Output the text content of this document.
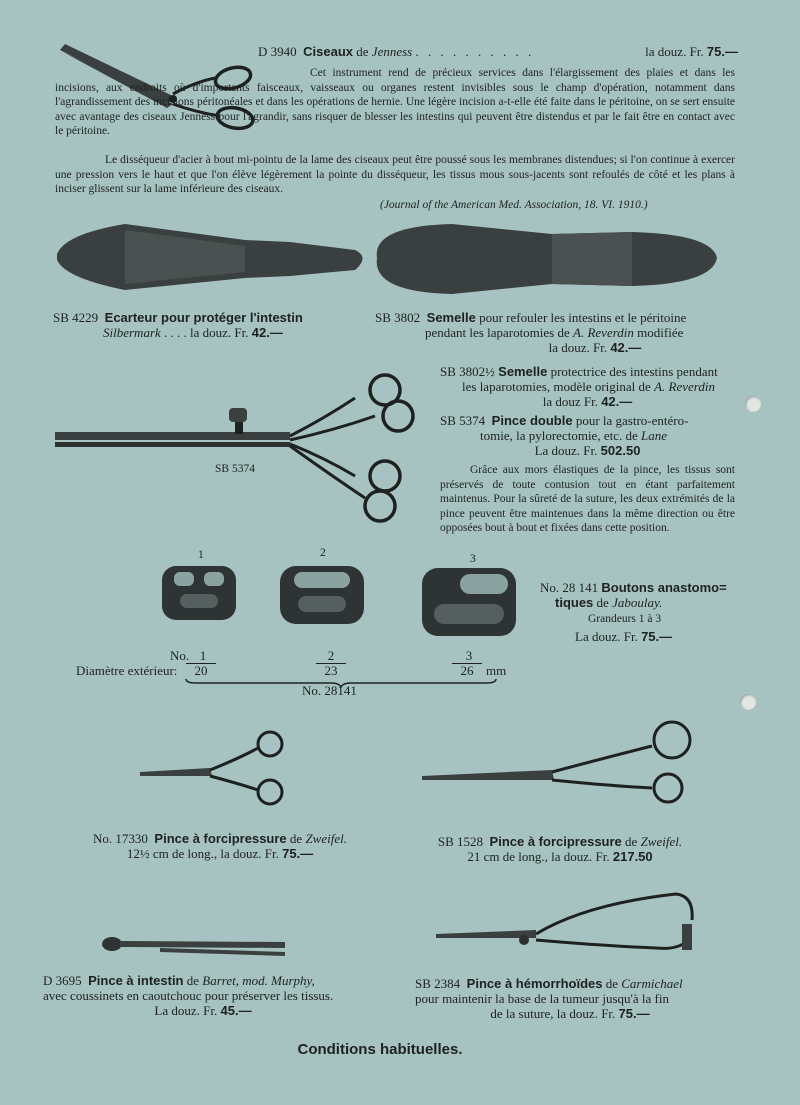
D 3940 Ciseaux de Jenness . . . . . . . . . .	la douz. Fr. 75.—
Cet instrument rend de précieux services dans l'élargissement des plaies et dans les incisions, aux endroits où d'importants faisceaux, vaisseaux ou organes restent invisibles sous le champ d'opération, notamment dans l'agrandissement des incisions péritonéales et dans les opérations de hernie. Une légère incision a-t-elle été faite dans le péritoine, on se sert ensuite avec avantage des ciseaux Jenness pour l'agrandir, sans risquer de blesser les intestins qui peuvent être distendus et par le fait être en contact avec le péritoine.
Le disséqueur d'acier à bout mi-pointu de la lame des ciseaux peut être poussé sous les membranes distendues; si l'on continue à exercer une pression vers le haut et que l'on élève légèrement la pointe du disséqueur, les tissus mous sous-jacents sont refoulés de côté et les plans à inciser glissent sur la lame inférieure des ciseaux.
(Journal of the American Med. Association, 18. VI. 1910.)
SB 4229 Ecarteur pour protéger l'intestin
Silbermark . . . . la douz. Fr. 42.—
SB 3802 Semelle pour refouler les intestins et le péritoine
pendant les laparotomies de A. Reverdin modifiée
la douz. Fr. 42.—
SB 5374
SB 3802½ Semelle protectrice des intestins pendant
les laparotomies, modèle original de A. Reverdin
la douz Fr. 42.—
SB 5374 Pince double pour la gastro-entéro-
tomie, la pylorectomie, etc. de Lane
La douz. Fr. 502.50
Grâce aux mors élastiques de la pince, les tissus sont préservés de toute contusion tout en étant parfaitement maintenus. Pour la sûreté de la suture, les deux extrémités de la pince peuvent être maintenues dans la même direction ou être opposées bout à bout et fixées dans cette position.
1	2	3
No. 28 141 Boutons anastomo=
tiques de Jaboulay.
Grandeurs 1 à 3
La douz. Fr. 75.—
No. 1	2	3
Diamètre extérieur:	20	23	26 mm
No. 28141
No. 17330 Pince à forcipressure de Zweifel.
12½ cm de long., la douz. Fr. 75.—
SB 1528 Pince à forcipressure de Zweifel.
21 cm de long., la douz. Fr. 217.50
D 3695 Pince à intestin de Barret, mod. Murphy,
avec coussinets en caoutchouc pour préserver les tissus.
La douz. Fr. 45.—
SB 2384 Pince à hémorrhoïdes de Carmichael
pour maintenir la base de la tumeur jusqu'à la fin
de la suture, la douz. Fr. 75.—
Conditions habituelles.
